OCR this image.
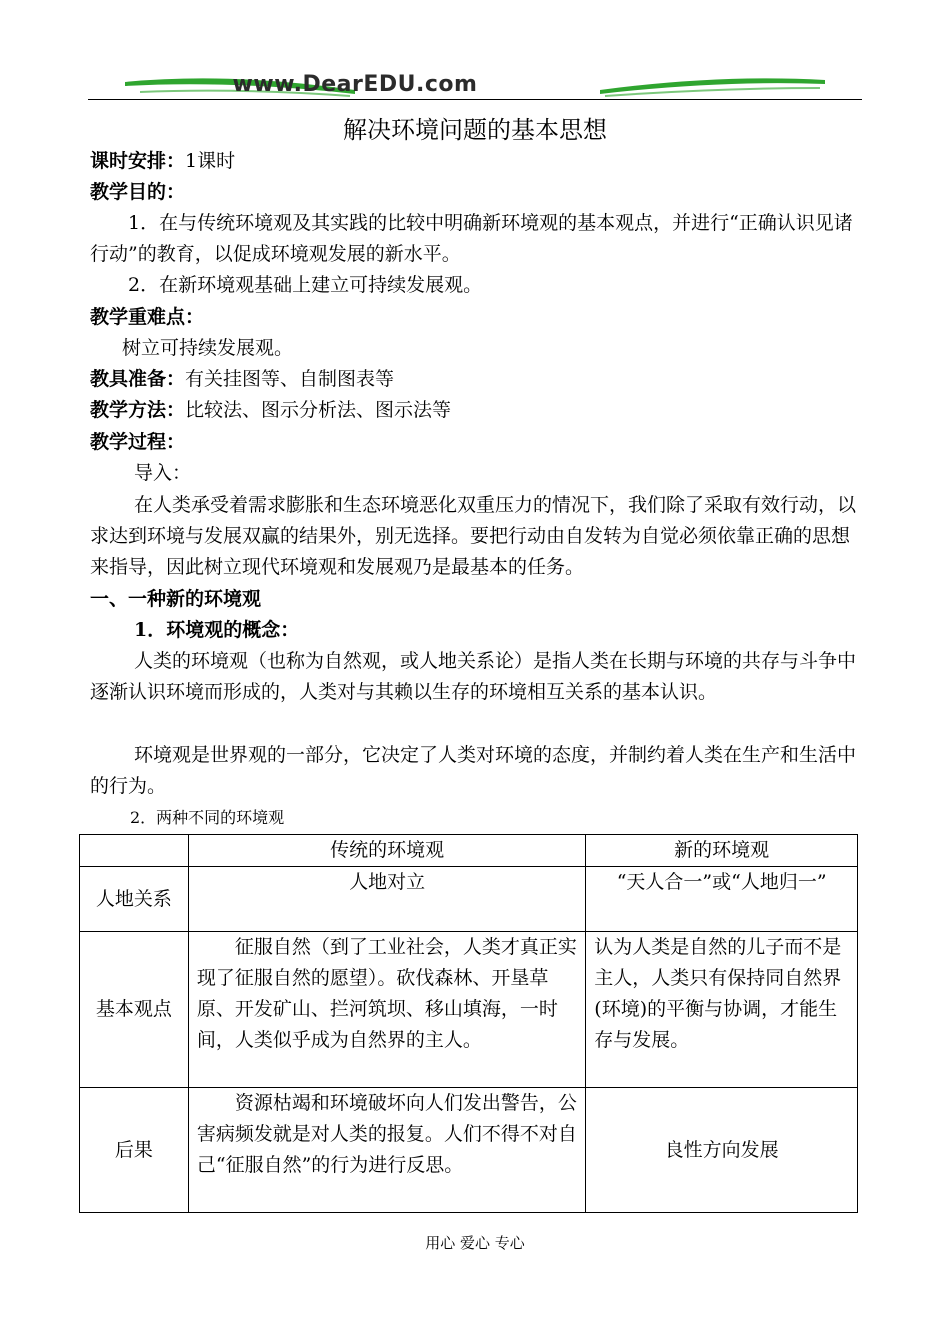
www.DearEDU.com
解决环境问题的基本思想
课时安排：1课时
教学目的：
1．在与传统环境观及其实践的比较中明确新环境观的基本观点，并进行“正确认识见诸行动”的教育，以促成环境观发展的新水平。
2．在新环境观基础上建立可持续发展观。
教学重难点：
树立可持续发展观。
教具准备：有关挂图等、自制图表等
教学方法：比较法、图示分析法、图示法等
教学过程：
导入：
在人类承受着需求膨胀和生态环境恶化双重压力的情况下，我们除了采取有效行动，以求达到环境与发展双赢的结果外，别无选择。要把行动由自发转为自觉必须依靠正确的思想来指导，因此树立现代环境观和发展观乃是最基本的任务。
一、一种新的环境观
1．环境观的概念：
人类的环境观（也称为自然观，或人地关系论）是指人类在长期与环境的共存与斗争中逐渐认识环境而形成的，人类对与其赖以生存的环境相互关系的基本认识。
环境观是世界观的一部分，它决定了人类对环境的态度，并制约着人类在生产和生活中的行为。
2．两种不同的环境观
	传统的环境观	新的环境观
人地关系	人地对立	“天人合一”或“人地归一”
基本观点	征服自然（到了工业社会，人类才真正实现了征服自然的愿望）。砍伐森林、开垦草原、开发矿山、拦河筑坝、移山填海，一时间，人类似乎成为自然界的主人。	认为人类是自然的儿子而不是主人，人类只有保持同自然界(环境)的平衡与协调，才能生存与发展。
后果	资源枯竭和环境破坏向人们发出警告，公害病频发就是对人类的报复。人们不得不对自己“征服自然”的行为进行反思。	良性方向发展
用心 爱心 专心
